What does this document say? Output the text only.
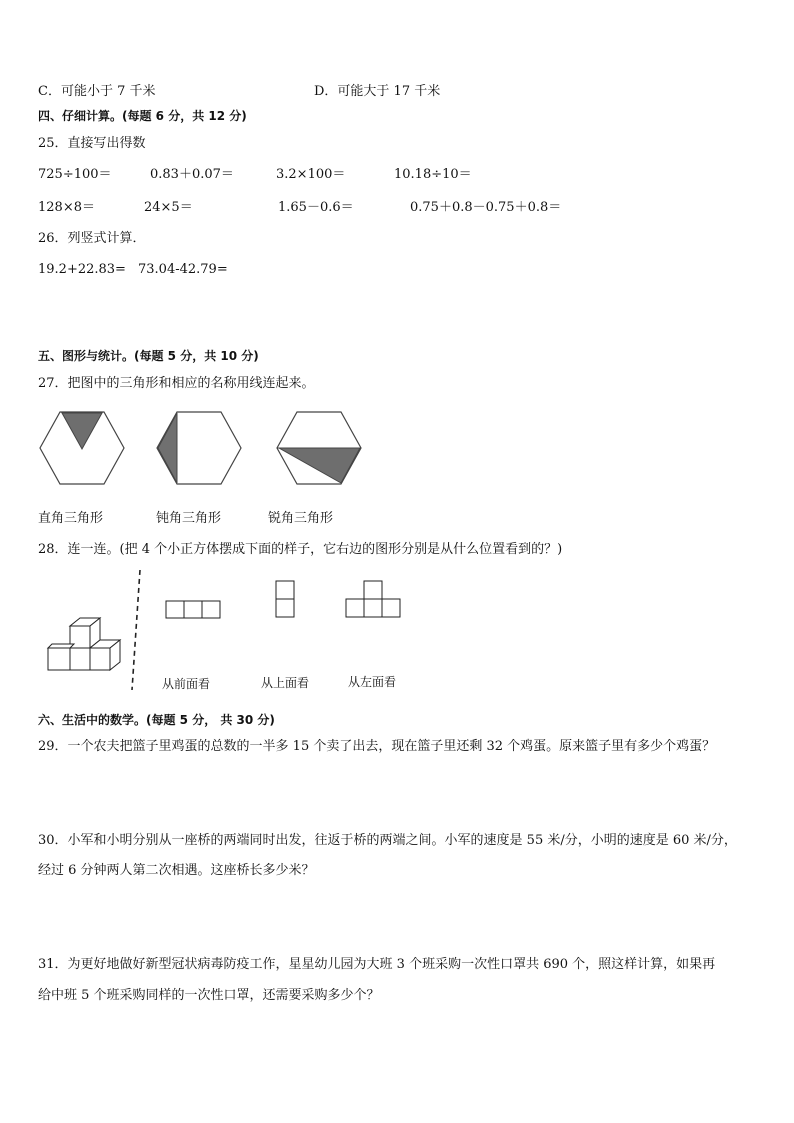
C．可能小于 7 千米	D．可能大于 17 千米
四、仔细计算。(每题 6 分，共 12 分)
25．直接写出得数
725÷100＝	0.83＋0.07＝	3.2×100＝	10.18÷10＝
128×8＝	24×5＝	1.65－0.6＝	0.75＋0.8－0.75＋0.8＝
26．列竖式计算．
19.2+22.83= 73.04-42.79=
五、图形与统计。(每题 5 分，共 10 分)
27．把图中的三角形和相应的名称用线连起来。
直角三角形	钝角三角形	锐角三角形
28．连一连。(把 4 个小正方体摆成下面的样子，它右边的图形分别是从什么位置看到的？)
从前面看	从上面看	从左面看
六、生活中的数学。(每题 5 分， 共 30 分)
29．一个农夫把篮子里鸡蛋的总数的一半多 15 个卖了出去，现在篮子里还剩 32 个鸡蛋。原来篮子里有多少个鸡蛋？
30．小军和小明分别从一座桥的两端同时出发，往返于桥的两端之间。小军的速度是 55 米/分，小明的速度是 60 米/分，
经过 6 分钟两人第二次相遇。这座桥长多少米？
31．为更好地做好新型冠状病毒防疫工作，星星幼儿园为大班 3 个班采购一次性口罩共 690 个，照这样计算，如果再
给中班 5 个班采购同样的一次性口罩，还需要采购多少个？
